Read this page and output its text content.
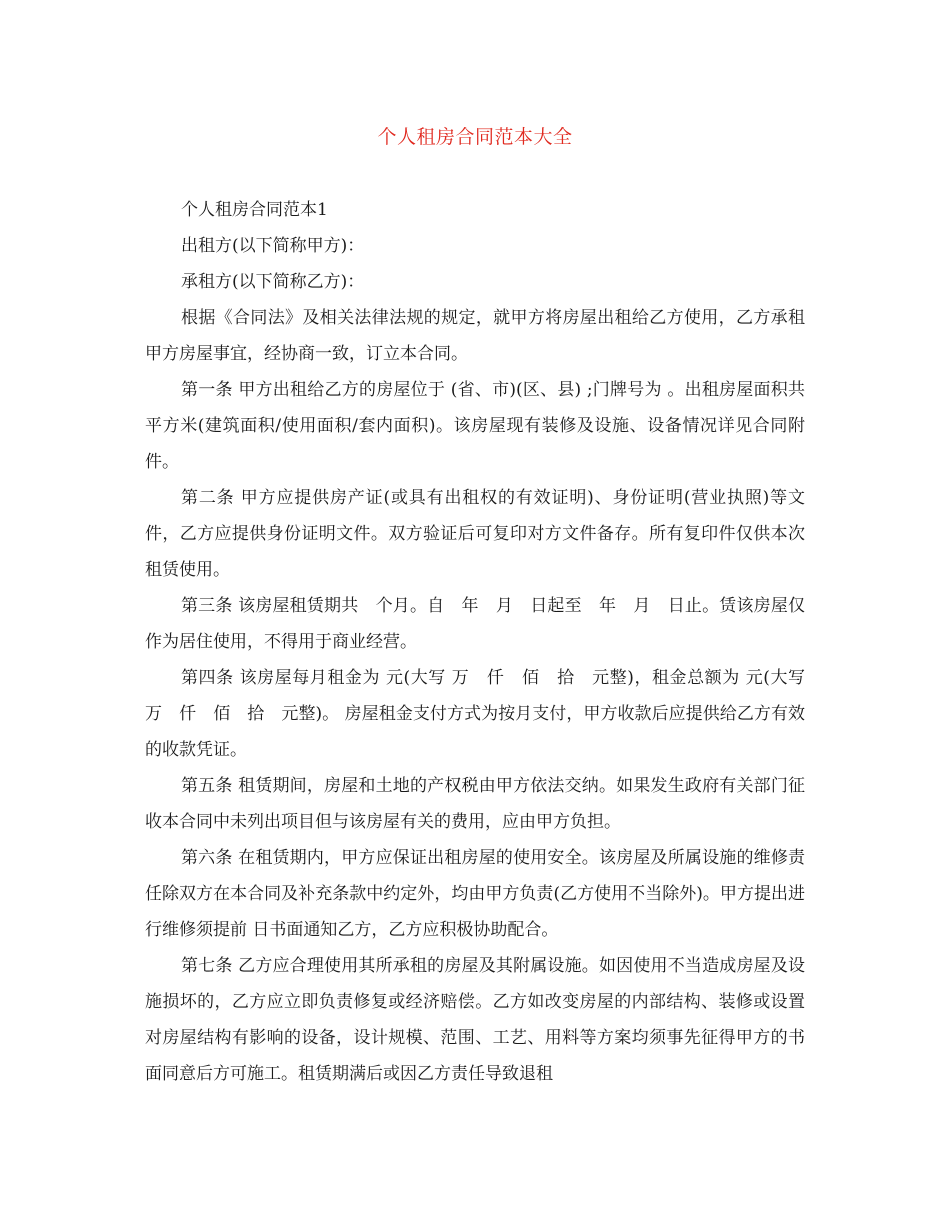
个人租房合同范本大全

个人租房合同范本1

出租方(以下简称甲方)：

承租方(以下简称乙方)：

根据《合同法》及相关法律法规的规定，就甲方将房屋出租给乙方使用，乙方承租甲方房屋事宜，经协商一致，订立本合同。

第一条 甲方出租给乙方的房屋位于 (省、市)(区、县) ;门牌号为 。出租房屋面积共 平方米(建筑面积/使用面积/套内面积)。该房屋现有装修及设施、设备情况详见合同附件。

第二条 甲方应提供房产证(或具有出租权的有效证明)、身份证明(营业执照)等文件，乙方应提供身份证明文件。双方验证后可复印对方文件备存。所有复印件仅供本次租赁使用。

第三条 该房屋租赁期共　个月。自　年　月　日起至　年　月　日止。赁该房屋仅作为居住使用，不得用于商业经营。

第四条 该房屋每月租金为 元(大写 万　仟　佰　拾　元整)，租金总额为 元(大写 万　仟　佰　拾　元整)。 房屋租金支付方式为按月支付，甲方收款后应提供给乙方有效的收款凭证。

第五条 租赁期间，房屋和土地的产权税由甲方依法交纳。如果发生政府有关部门征收本合同中未列出项目但与该房屋有关的费用，应由甲方负担。

第六条 在租赁期内，甲方应保证出租房屋的使用安全。该房屋及所属设施的维修责任除双方在本合同及补充条款中约定外，均由甲方负责(乙方使用不当除外)。甲方提出进行维修须提前 日书面通知乙方，乙方应积极协助配合。

第七条 乙方应合理使用其所承租的房屋及其附属设施。如因使用不当造成房屋及设施损坏的，乙方应立即负责修复或经济赔偿。乙方如改变房屋的内部结构、装修或设置对房屋结构有影响的设备，设计规模、范围、工艺、用料等方案均须事先征得甲方的书面同意后方可施工。租赁期满后或因乙方责任导致退租
